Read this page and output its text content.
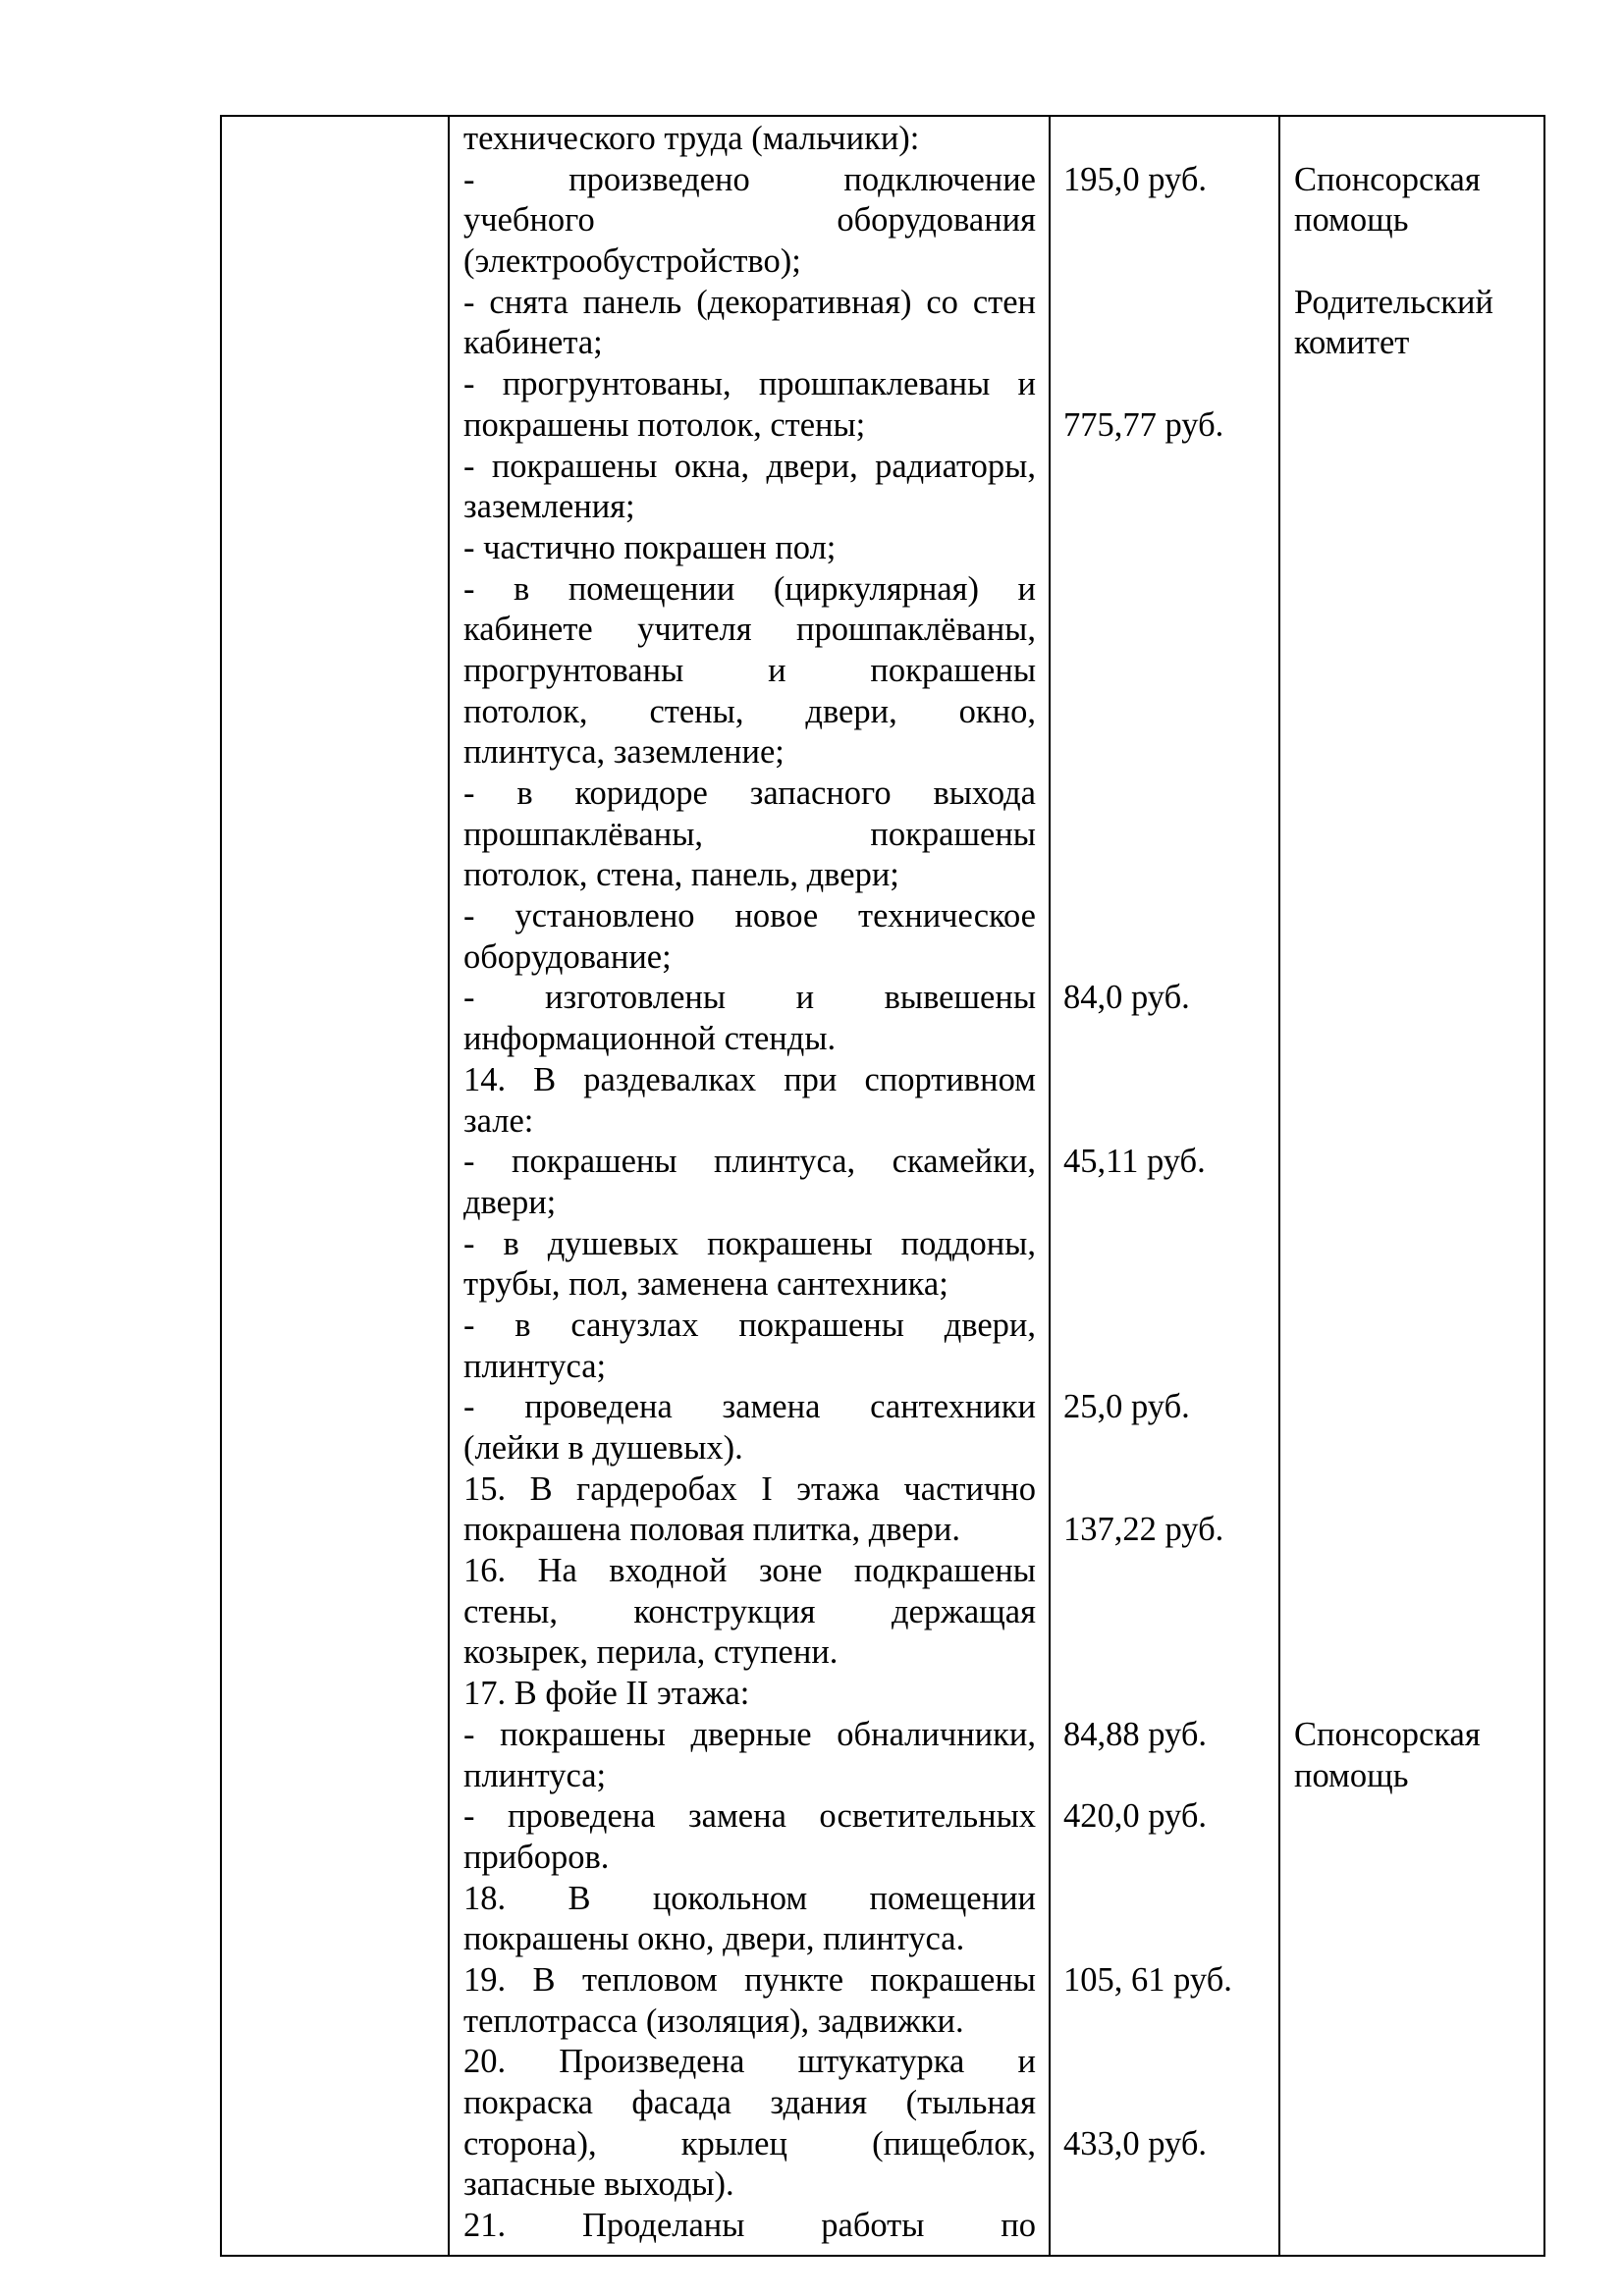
технического труда (мальчики):
- произведено подключение
учебного оборудования
(электрообустройство);
- снята панель (декоративная) со стен
кабинета;
- прогрунтованы, прошпаклеваны и
покрашены потолок, стены;
- покрашены окна, двери, радиаторы,
заземления;
- частично покрашен пол;
- в помещении (циркулярная) и
кабинете учителя прошпаклёваны,
прогрунтованы и покрашены
потолок, стены, двери, окно,
плинтуса, заземление;
- в коридоре запасного выхода
прошпаклёваны, покрашены
потолок, стена, панель, двери;
- установлено новое техническое
оборудование;
- изготовлены и вывешены
информационной стенды.
14. В раздевалках при спортивном
зале:
- покрашены плинтуса, скамейки,
двери;
- в душевых покрашены поддоны,
трубы, пол, заменена сантехника;
- в санузлах покрашены двери,
плинтуса;
- проведена замена сантехники
(лейки в душевых).
15. В гардеробах I этажа частично
покрашена половая плитка, двери.
16. На входной зоне подкрашены
стены, конструкция держащая
козырек, перила, ступени.
17. В фойе II этажа:
- покрашены дверные обналичники,
плинтуса;
- проведена замена осветительных
приборов.
18. В цокольном помещении
покрашены окно, двери, плинтуса.
19. В тепловом пункте покрашены
теплотрасса (изоляция), задвижки.
20. Произведена штукатурка и
покраска фасада здания (тыльная
сторона), крылец (пищеблок,
запасные выходы).
21. Проделаны работы по
195,0 руб.
775,77 руб.
84,0 руб.
45,11 руб.
25,0 руб.
137,22 руб.
84,88 руб.
420,0 руб.
105, 61 руб.
433,0 руб.
Спонсорская
помощь
Родительский
комитет
Спонсорская
помощь
